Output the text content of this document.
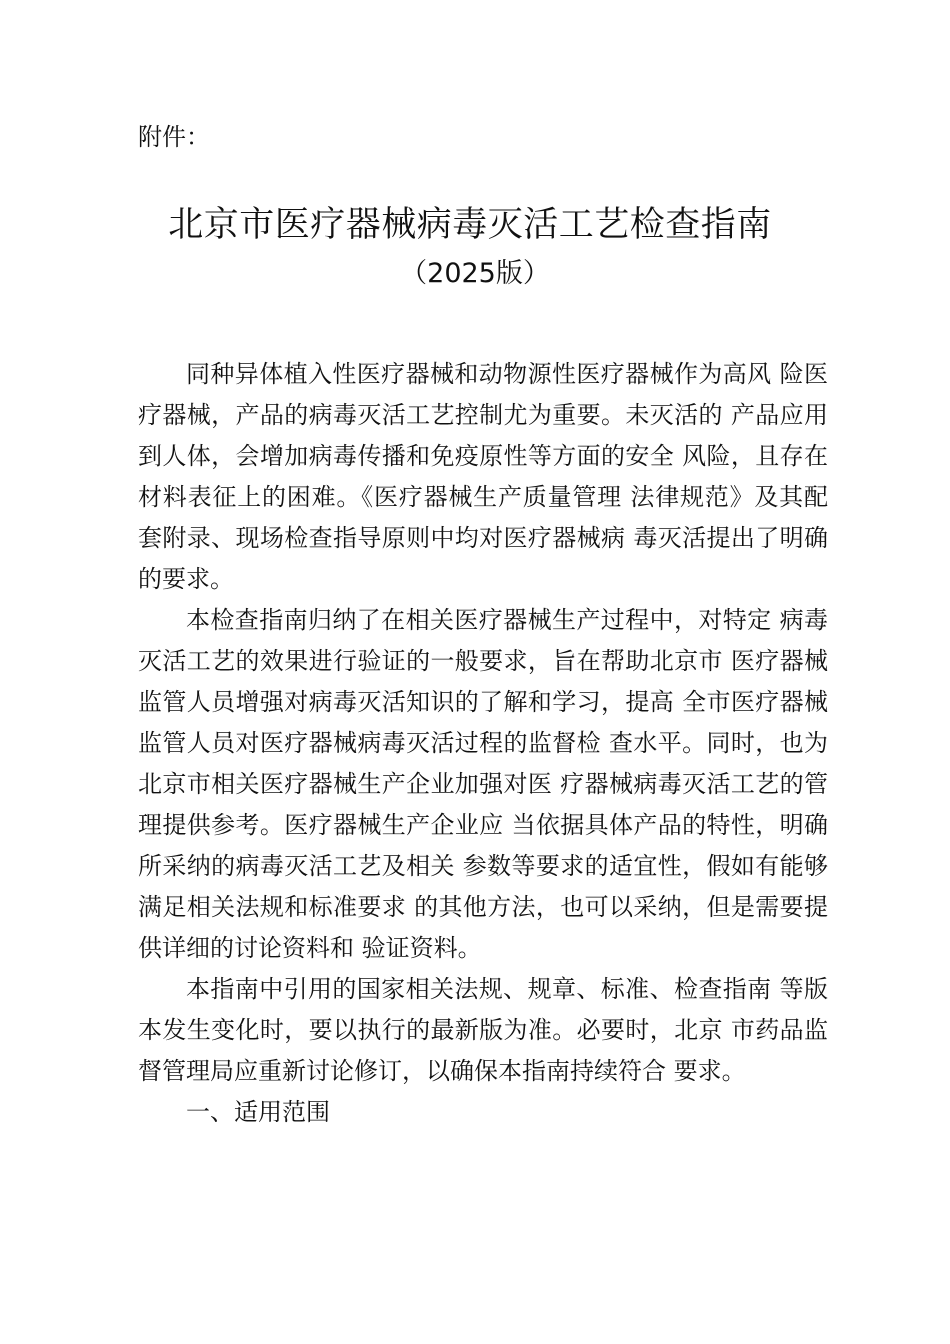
附件：
北京市医疗器械病毒灭活工艺检查指南
（2025版）

同种异体植入性医疗器械和动物源性医疗器械作为高风 险医疗器械，产品的病毒灭活工艺控制尤为重要。未灭活的 产品应用到人体，会增加病毒传播和免疫原性等方面的安全 风险，且存在材料表征上的困难。《医疗器械生产质量管理 法律规范》及其配套附录、现场检查指导原则中均对医疗器械病 毒灭活提出了明确的要求。

本检查指南归纳了在相关医疗器械生产过程中，对特定 病毒灭活工艺的效果进行验证的一般要求，旨在帮助北京市 医疗器械监管人员增强对病毒灭活知识的了解和学习，提高 全市医疗器械监管人员对医疗器械病毒灭活过程的监督检 查水平。同时，也为北京市相关医疗器械生产企业加强对医 疗器械病毒灭活工艺的管理提供参考。医疗器械生产企业应 当依据具体产品的特性，明确所采纳的病毒灭活工艺及相关 参数等要求的适宜性，假如有能够满足相关法规和标准要求 的其他方法，也可以采纳，但是需要提供详细的讨论资料和 验证资料。

本指南中引用的国家相关法规、规章、标准、检查指南 等版本发生变化时，要以执行的最新版为准。必要时，北京 市药品监督管理局应重新讨论修订，以确保本指南持续符合 要求。

一、适用范围
